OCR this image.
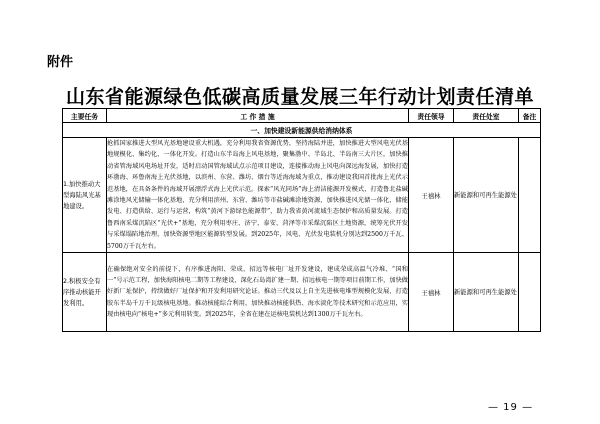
附件
山东省能源绿色低碳高质量发展三年行动计划责任清单
主要任务	工 作 措 施	责任领导	责任处室	备注
一、加快建设新能源供给消纳体系				
1.加快推动大型海陆风光基地建设。	抢抓国家推进大型风光基地建设重大机遇，充分利用我省资源优势，坚持海陆并进，加快推进大型风电光伏基地规模化、集约化、一体化开发。打造山东半岛海上风电基地，聚集渤中、半岛北、半岛南三大片区，加快推动省管海域风电场址开发，适时启动国管海域试点示范项目建设，连接推动海上风电向深远海发展，加快打造环渤海、环鲁南海上光伏基地，以滨州、东营、潍坊、烟台等近海海域为重点，推动建设我国首批海上光伏示范基地，在具备条件的海域开展漂浮式海上光伏示范。探索“风光同场”海上清洁能源开发模式，打造鲁北盐碱滩涂地风光储输一体化基地，充分利用滨州、东营、潍坊等市盐碱滩涂地资源，加快推进风光储一体化，储能发电、打造供给、运行与运营，构筑“黄河下游绿色能源带”，助力我省黄河流域生态保护和高质量发展。打造鲁西南采煤沉陷区“光伏+”基地，充分利用枣庄、济宁、泰安、菏泽等市采煤沉陷区土地资源，统筹光伏开发与采煤塌陷地治理，加快资源型地区能源转型发展。到2025年，风电、光伏发电装机分别达到2500万千瓦、5700万千瓦左右。	王禧林	新能源和可再生能源处	
2.积极安全有序推动核能开发利用。	在确保绝对安全的前提下，有序推进海阳、荣成、招远等核电厂址开发建设，建成荣成高温气冷堆、“国和一”号示范工程，加快海阳核电二期等工程建设，深化石岛湾扩建一期、招远核电一期等项目前期工作，加快做好新厂址保护，持续做好厂址保护和开发利用研究论证。推动三代及以上自主先进核电堆型规模化发展，打造胶东半岛千万千瓦级核电基地。推动核能综合利用，加快推动核能供热、海水淡化等技术研究和示范应用，实现由核电向“核电+”多元利用转变。到2025年，全省在建在运核电装机达到1300万千瓦左右。	王禧林	新能源和可再生能源处	
— 19 —
